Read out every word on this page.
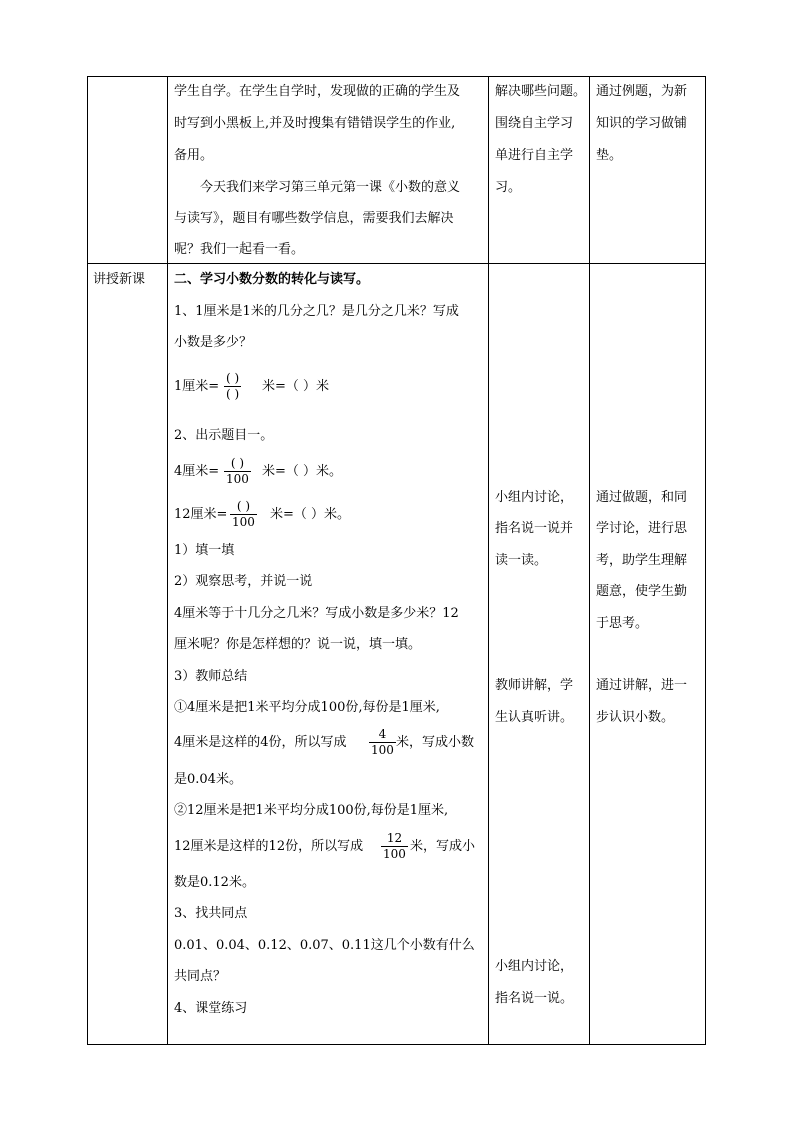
学生自学。在学生自学时，发现做的正确的学生及
时写到小黑板上,并及时搜集有错错误学生的作业,
备用。
今天我们来学习第三单元第一课《小数的意义
与读写》，题目有哪些数学信息，需要我们去解决
呢？我们一起看一看。
解决哪些问题。
围绕自主学习
单进行自主学
习。
通过例题，为新
知识的学习做铺
垫。
讲授新课 二、学习小数分数的转化与读写。
1、1厘米是1米的几分之几？是几分之几米？写成
小数是多少？
1厘米=
( )
( ) 米=（ ）米
2、出示题目一。
4厘米=
( )
100 米=（ ）米。
12厘米=
( )
100 米=（ ）米。
1）填一填
2）观察思考，并说一说
4厘米等于十几分之几米？写成小数是多少米？12
厘米呢？你是怎样想的？说一说，填一填。
3）教师总结
①4厘米是把1米平均分成100份,每份是1厘米,
4厘米是这样的4份，所以写成 $\frac{4}{100}$ 米，写成小数
是0.04米。
②12厘米是把1米平均分成100份,每份是1厘米,
12厘米是这样的12份，所以写成 $\frac{12}{100}$ 米，写成小
数是0.12米。
3、找共同点
0.01、0.04、0.12、0.07、0.11这几个小数有什么
共同点？
4、课堂练习
小组内讨论，
指名说一说并
读一读。
教师讲解，学
生认真听讲。
小组内讨论，
指名说一说。
通过做题，和同
学讨论，进行思
考，助学生理解
题意，使学生勤
于思考。
通过讲解，进一
步认识小数。
